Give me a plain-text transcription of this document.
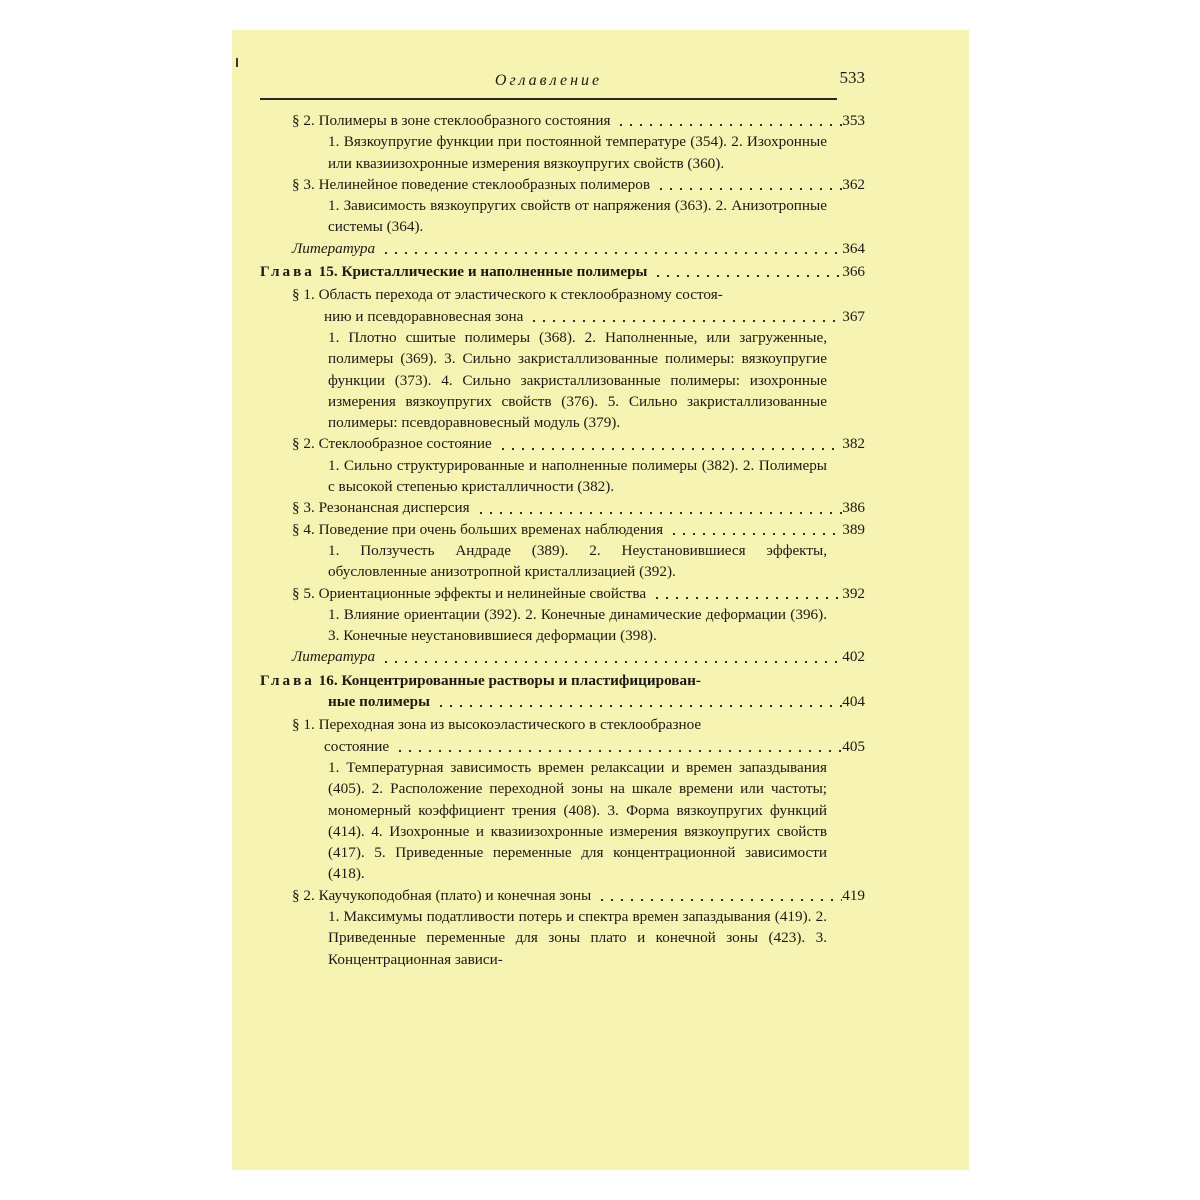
Оглавление	533
§ 2. Полимеры в зоне стеклообразного состояния	353
1. Вязкоупругие функции при постоянной температуре (354). 2. Изохронные или квазиизохронные измерения вязкоупругих свойств (360).
§ 3. Нелинейное поведение стеклообразных полимеров	362
1. Зависимость вязкоупругих свойств от напряжения (363). 2. Анизотропные системы (364).
Литература	364
Глава 15. Кристаллические и наполненные полимеры	366
§ 1. Область перехода от эластического к стеклообразному состоя-
нию и псевдоравновесная зона	367
1. Плотно сшитые полимеры (368). 2. Наполненные, или загруженные, полимеры (369). 3. Сильно закристаллизованные полимеры: вязкоупругие функции (373). 4. Сильно закристаллизованные полимеры: изохронные измерения вязкоупругих свойств (376). 5. Сильно закристаллизованные полимеры: псевдоравновесный модуль (379).
§ 2. Стеклообразное состояние	382
1. Сильно структурированные и наполненные полимеры (382). 2. Полимеры с высокой степенью кристалличности (382).
§ 3. Резонансная дисперсия	386
§ 4. Поведение при очень больших временах наблюдения	389
1. Ползучесть Андраде (389). 2. Неустановившиеся эффекты, обусловленные анизотропной кристаллизацией (392).
§ 5. Ориентационные эффекты и нелинейные свойства	392
1. Влияние ориентации (392). 2. Конечные динамические деформации (396). 3. Конечные неустановившиеся деформации (398).
Литература	402
Глава 16. Концентрированные растворы и пластифицирован-
ные полимеры	404
§ 1. Переходная зона из высокоэластического в стеклообразное
состояние	405
1. Температурная зависимость времен релаксации и времен запаздывания (405). 2. Расположение переходной зоны на шкале времени или частоты; мономерный коэффициент трения (408). 3. Форма вязкоупругих функций (414). 4. Изохронные и квазиизохронные измерения вязкоупругих свойств (417). 5. Приведенные переменные для концентрационной зависимости (418).
§ 2. Каучукоподобная (плато) и конечная зоны	419
1. Максимумы податливости потерь и спектра времен запаздывания (419). 2. Приведенные переменные для зоны плато и конечной зоны (423). 3. Концентрационная зависи-
